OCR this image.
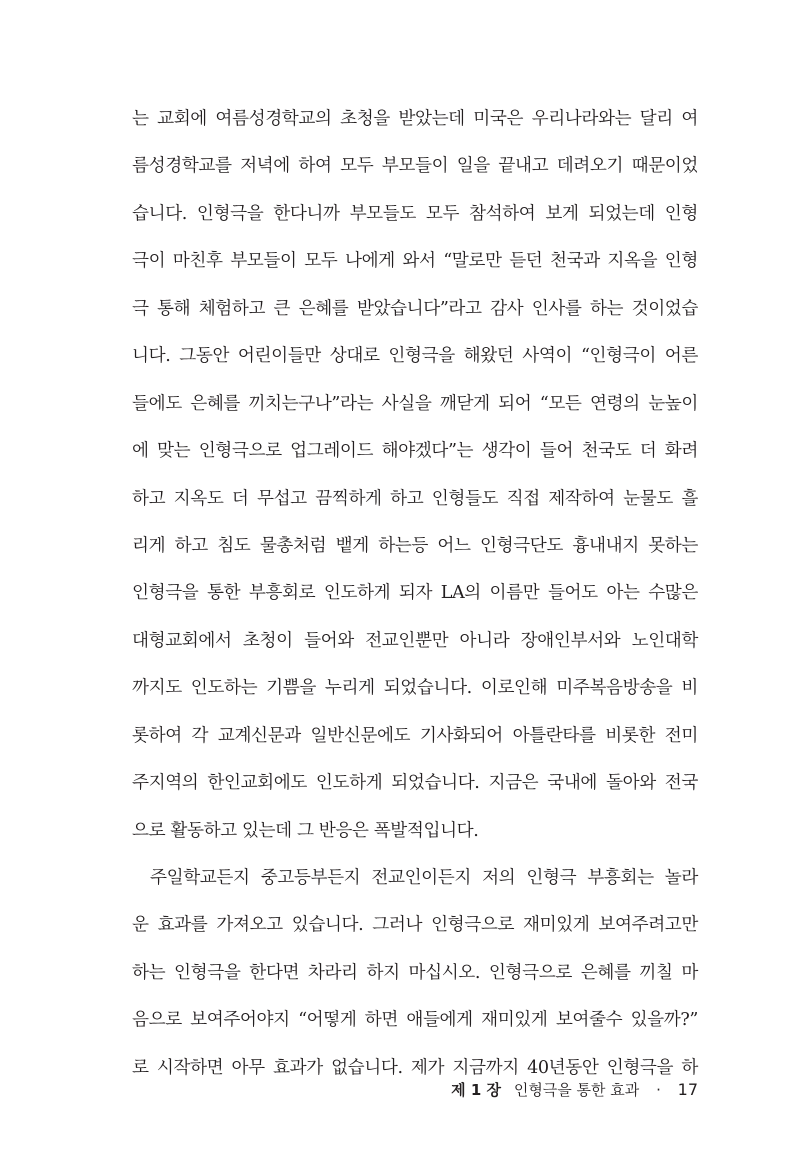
는 교회에 여름성경학교의 초청을 받았는데 미국은 우리나라와는 달리 여
름성경학교를 저녁에 하여 모두 부모들이 일을 끝내고 데려오기 때문이었
습니다. 인형극을 한다니까 부모들도 모두 참석하여 보게 되었는데 인형
극이 마친후 부모들이 모두 나에게 와서 “말로만 듣던 천국과 지옥을 인형
극 통해 체험하고 큰 은혜를 받았습니다”라고 감사 인사를 하는 것이었습
니다. 그동안 어린이들만 상대로 인형극을 해왔던 사역이 “인형극이 어른
들에도 은혜를 끼치는구나”라는 사실을 깨닫게 되어 “모든 연령의 눈높이
에 맞는 인형극으로 업그레이드 해야겠다”는 생각이 들어 천국도 더 화려
하고 지옥도 더 무섭고 끔찍하게 하고 인형들도 직접 제작하여 눈물도 흘
리게 하고 침도 물총처럼 뱉게 하는등 어느 인형극단도 흉내내지 못하는
인형극을 통한 부흥회로 인도하게 되자 LA의 이름만 들어도 아는 수많은
대형교회에서 초청이 들어와 전교인뿐만 아니라 장애인부서와 노인대학
까지도 인도하는 기쁨을 누리게 되었습니다. 이로인해 미주복음방송을 비
롯하여 각 교계신문과 일반신문에도 기사화되어 아틀란타를 비롯한 전미
주지역의 한인교회에도 인도하게 되었습니다. 지금은 국내에 돌아와 전국
으로 활동하고 있는데 그 반응은 폭발적입니다.
주일학교든지 중고등부든지 전교인이든지 저의 인형극 부흥회는 놀라
운 효과를 가져오고 있습니다. 그러나 인형극으로 재미있게 보여주려고만
하는 인형극을 한다면 차라리 하지 마십시오. 인형극으로 은혜를 끼칠 마
음으로 보여주어야지 “어떻게 하면 애들에게 재미있게 보여줄수 있을까?”
로 시작하면 아무 효과가 없습니다. 제가 지금까지 40년동안 인형극을 하
제 1 장 인형극을 통한 효과 · 17
